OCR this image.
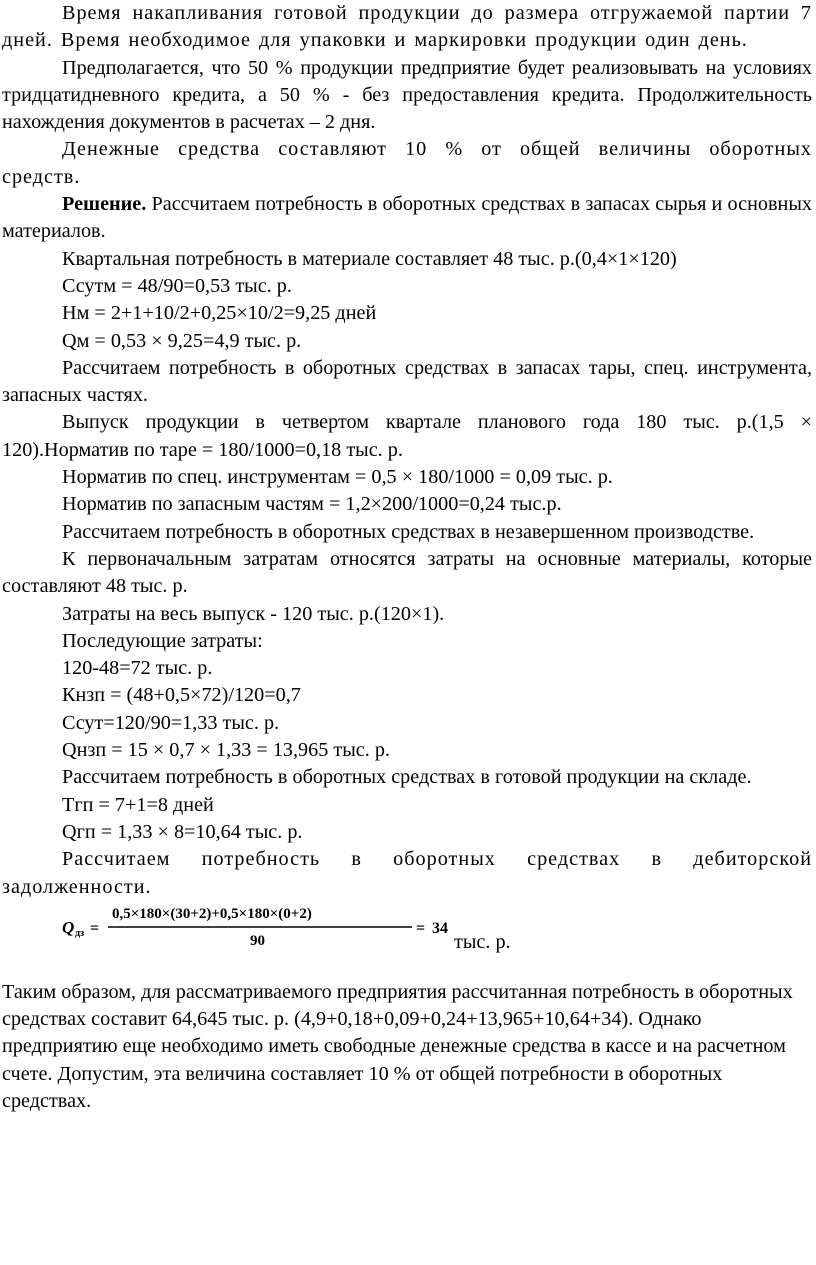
Время накапливания готовой продукции до размера отгружаемой партии 7 дней. Время необходимое для упаковки и маркировки продукции один день.

Предполагается, что 50 % продукции предприятие будет реализовывать на условиях тридцатидневного кредита, а 50 % - без предоставления кредита. Продолжительность нахождения документов в расчетах – 2 дня.

Денежные средства составляют 10 % от общей величины оборотных средств.

Решение. Рассчитаем потребность в оборотных средствах в запасах сырья и основных материалов.

Квартальная потребность в материале составляет 48 тыс. р.(0,4×1×120)

Ссутм = 48/90=0,53 тыс. р.

Нм = 2+1+10/2+0,25×10/2=9,25 дней

Qм = 0,53 × 9,25=4,9 тыс. р.

Рассчитаем потребность в оборотных средствах в запасах тары, спец. инструмента, запасных частях.

Выпуск продукции в четвертом квартале планового года 180 тыс. р.(1,5 × 120).Норматив по таре = 180/1000=0,18 тыс. р.

Норматив по спец. инструментам = 0,5 × 180/1000 = 0,09 тыс. р.

Норматив по запасным частям = 1,2×200/1000=0,24 тыс.р.

Рассчитаем потребность в оборотных средствах в незавершенном производстве.

К первоначальным затратам относятся затраты на основные материалы, которые составляют 48 тыс. р.

Затраты на весь выпуск - 120 тыс. р.(120×1).

Последующие затраты:

120-48=72 тыс. р.

Кнзп = (48+0,5×72)/120=0,7

Ссут=120/90=1,33 тыс. р.

Qнзп = 15 × 0,7 × 1,33 = 13,965 тыс. р.

Рассчитаем потребность в оборотных средствах в готовой продукции на складе.

Тгп = 7+1=8 дней

Qгп = 1,33 × 8=10,64 тыс. р.

Рассчитаем потребность в оборотных средствах в дебиторской задолженности.

Q дз =
0,5×180×(30+2)+0,5×180×(0+2)
90
= 34
тыс. р.

Таким образом, для рассматриваемого предприятия рассчитанная потребность в оборотных средствах составит 64,645 тыс. р. (4,9+0,18+0,09+0,24+13,965+10,64+34). Однако предприятию еще необходимо иметь свободные денежные средства в кассе и на расчетном счете. Допустим, эта величина составляет 10 % от общей потребности в оборотных средствах.
